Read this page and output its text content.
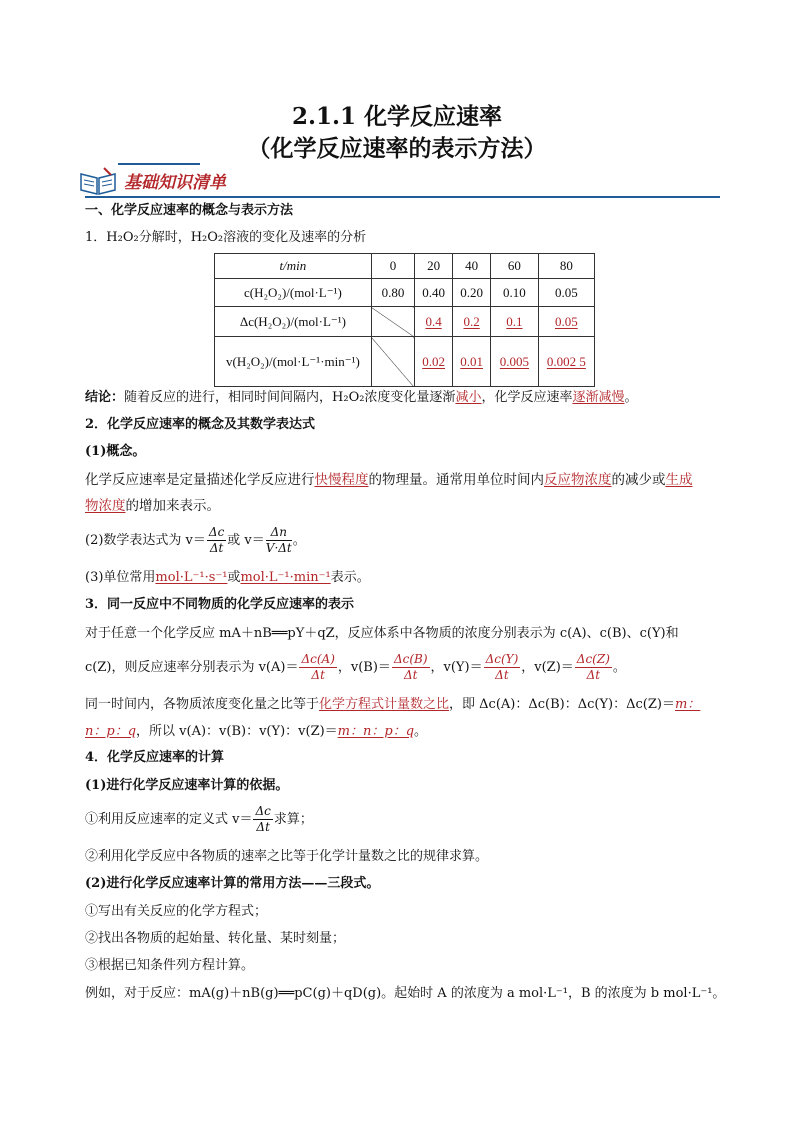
2.1.1 化学反应速率
（化学反应速率的表示方法）
基础知识清单
一、化学反应速率的概念与表示方法
1．H₂O₂分解时，H₂O₂溶液的变化及速率的分析
t/min	0	20	40	60	80
c(H₂O₂)/(mol·L⁻¹)	0.80	0.40	0.20	0.10	0.05
Δc(H₂O₂)/(mol·L⁻¹)		0.4	0.2	0.1	0.05
v(H₂O₂)/(mol·L⁻¹·min⁻¹)		0.02	0.01	0.005	0.002 5
结论：随着反应的进行，相同时间间隔内，H₂O₂浓度变化量逐渐减小，化学反应速率逐渐减慢。
2．化学反应速率的概念及其数学表达式
(1)概念。
化学反应速率是定量描述化学反应进行快慢程度的物理量。通常用单位时间内反应物浓度的减少或生成
物浓度的增加来表示。
(2)数学表达式为 $v= \frac{\Delta c}{\Delta t}$ 或 $v= \frac{\Delta n}{V\cdot\Delta t}$ 。
(3)单位常用mol·L⁻¹·s⁻¹或mol·L⁻¹·min⁻¹表示。
3．同一反应中不同物质的化学反应速率的表示
对于任意一个化学反应 mA＋nB══pY＋qZ，反应体系中各物质的浓度分别表示为 c(A)、c(B)、c(Y)和
c(Z)，则反应速率分别表示为 $v(A)= \frac{\Delta c(A)}{\Delta t}$ ，$v(B)= \frac{\Delta c(B)}{\Delta t}$ ，$v(Y)= \frac{\Delta c(Y)}{\Delta t}$ ，$v(Z)= \frac{\Delta c(Z)}{\Delta t}$ 。
同一时间内，各物质浓度变化量之比等于化学方程式计量数之比，即 Δc(A)：Δc(B)：Δc(Y)：Δc(Z)＝m：
n：p：q，所以 v(A)：v(B)：v(Y)：v(Z)＝m：n：p：q。
4．化学反应速率的计算
(1)进行化学反应速率计算的依据。
①利用反应速率的定义式 $v= \frac{\Delta c}{\Delta t}$ 求算；
②利用化学反应中各物质的速率之比等于化学计量数之比的规律求算。
(2)进行化学反应速率计算的常用方法——三段式。
①写出有关反应的化学方程式；
②找出各物质的起始量、转化量、某时刻量；
③根据已知条件列方程计算。
例如，对于反应：mA(g)＋nB(g)══pC(g)＋qD(g)。起始时 A 的浓度为 a mol·L⁻¹，B 的浓度为 b mol·L⁻¹。
